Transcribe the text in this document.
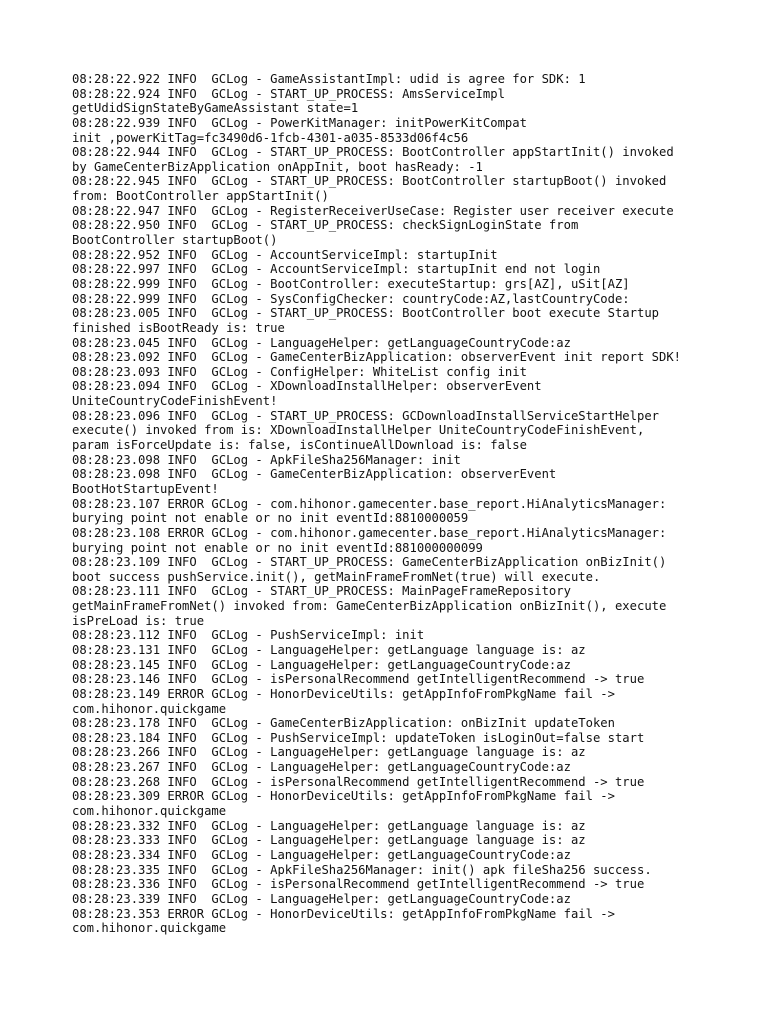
08:28:22.922 INFO  GCLog - GameAssistantImpl: udid is agree for SDK: 1
08:28:22.924 INFO  GCLog - START_UP_PROCESS: AmsServiceImpl
getUdidSignStateByGameAssistant state=1
08:28:22.939 INFO  GCLog - PowerKitManager: initPowerKitCompat
init ,powerKitTag=fc3490d6-1fcb-4301-a035-8533d06f4c56
08:28:22.944 INFO  GCLog - START_UP_PROCESS: BootController appStartInit() invoked
by GameCenterBizApplication onAppInit, boot hasReady: -1
08:28:22.945 INFO  GCLog - START_UP_PROCESS: BootController startupBoot() invoked
from: BootController appStartInit()
08:28:22.947 INFO  GCLog - RegisterReceiverUseCase: Register user receiver execute
08:28:22.950 INFO  GCLog - START_UP_PROCESS: checkSignLoginState from
BootController startupBoot()
08:28:22.952 INFO  GCLog - AccountServiceImpl: startupInit
08:28:22.997 INFO  GCLog - AccountServiceImpl: startupInit end not login
08:28:22.999 INFO  GCLog - BootController: executeStartup: grs[AZ], uSit[AZ]
08:28:22.999 INFO  GCLog - SysConfigChecker: countryCode:AZ,lastCountryCode:
08:28:23.005 INFO  GCLog - START_UP_PROCESS: BootController boot execute Startup
finished isBootReady is: true
08:28:23.045 INFO  GCLog - LanguageHelper: getLanguageCountryCode:az
08:28:23.092 INFO  GCLog - GameCenterBizApplication: observerEvent init report SDK!
08:28:23.093 INFO  GCLog - ConfigHelper: WhiteList config init
08:28:23.094 INFO  GCLog - XDownloadInstallHelper: observerEvent
UniteCountryCodeFinishEvent!
08:28:23.096 INFO  GCLog - START_UP_PROCESS: GCDownloadInstallServiceStartHelper
execute() invoked from is: XDownloadInstallHelper UniteCountryCodeFinishEvent,
param isForceUpdate is: false, isContinueAllDownload is: false
08:28:23.098 INFO  GCLog - ApkFileSha256Manager: init
08:28:23.098 INFO  GCLog - GameCenterBizApplication: observerEvent
BootHotStartupEvent!
08:28:23.107 ERROR GCLog - com.hihonor.gamecenter.base_report.HiAnalyticsManager:
burying point not enable or no init eventId:8810000059
08:28:23.108 ERROR GCLog - com.hihonor.gamecenter.base_report.HiAnalyticsManager:
burying point not enable or no init eventId:881000000099
08:28:23.109 INFO  GCLog - START_UP_PROCESS: GameCenterBizApplication onBizInit()
boot success pushService.init(), getMainFrameFromNet(true) will execute.
08:28:23.111 INFO  GCLog - START_UP_PROCESS: MainPageFrameRepository
getMainFrameFromNet() invoked from: GameCenterBizApplication onBizInit(), execute
isPreLoad is: true
08:28:23.112 INFO  GCLog - PushServiceImpl: init
08:28:23.131 INFO  GCLog - LanguageHelper: getLanguage language is: az
08:28:23.145 INFO  GCLog - LanguageHelper: getLanguageCountryCode:az
08:28:23.146 INFO  GCLog - isPersonalRecommend getIntelligentRecommend -> true
08:28:23.149 ERROR GCLog - HonorDeviceUtils: getAppInfoFromPkgName fail ->
com.hihonor.quickgame
08:28:23.178 INFO  GCLog - GameCenterBizApplication: onBizInit updateToken
08:28:23.184 INFO  GCLog - PushServiceImpl: updateToken isLoginOut=false start
08:28:23.266 INFO  GCLog - LanguageHelper: getLanguage language is: az
08:28:23.267 INFO  GCLog - LanguageHelper: getLanguageCountryCode:az
08:28:23.268 INFO  GCLog - isPersonalRecommend getIntelligentRecommend -> true
08:28:23.309 ERROR GCLog - HonorDeviceUtils: getAppInfoFromPkgName fail ->
com.hihonor.quickgame
08:28:23.332 INFO  GCLog - LanguageHelper: getLanguage language is: az
08:28:23.333 INFO  GCLog - LanguageHelper: getLanguage language is: az
08:28:23.334 INFO  GCLog - LanguageHelper: getLanguageCountryCode:az
08:28:23.335 INFO  GCLog - ApkFileSha256Manager: init() apk fileSha256 success.
08:28:23.336 INFO  GCLog - isPersonalRecommend getIntelligentRecommend -> true
08:28:23.339 INFO  GCLog - LanguageHelper: getLanguageCountryCode:az
08:28:23.353 ERROR GCLog - HonorDeviceUtils: getAppInfoFromPkgName fail ->
com.hihonor.quickgame
